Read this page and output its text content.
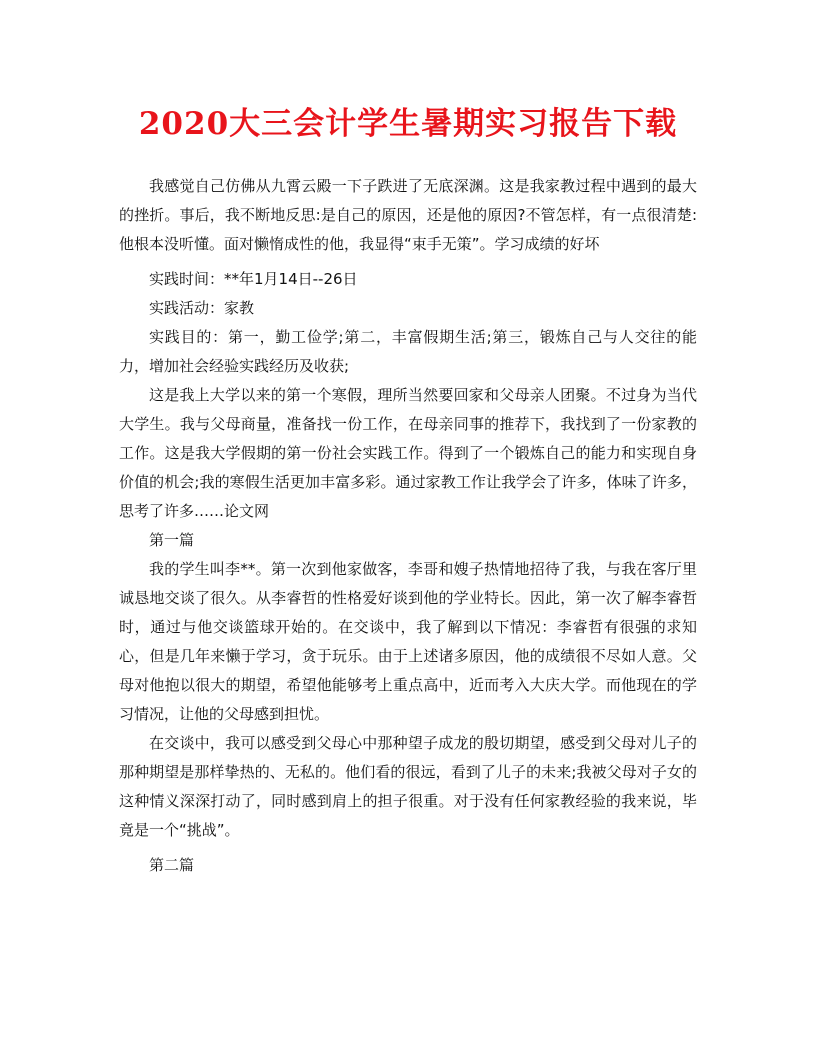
2020大三会计学生暑期实习报告下载

我感觉自己仿佛从九霄云殿一下子跌进了无底深渊。这是我家教过程中遇到的最大的挫折。事后，我不断地反思:是自己的原因，还是他的原因?不管怎样，有一点很清楚:他根本没听懂。面对懒惰成性的他，我显得“束手无策”。学习成绩的好坏

实践时间：**年1月14日--26日

实践活动：家教

实践目的：第一，勤工俭学;第二，丰富假期生活;第三，锻炼自己与人交往的能力，增加社会经验实践经历及收获;

这是我上大学以来的第一个寒假，理所当然要回家和父母亲人团聚。不过身为当代大学生。我与父母商量，准备找一份工作，在母亲同事的推荐下，我找到了一份家教的工作。这是我大学假期的第一份社会实践工作。得到了一个锻炼自己的能力和实现自身价值的机会;我的寒假生活更加丰富多彩。通过家教工作让我学会了许多，体味了许多，思考了许多……论文网

第一篇

我的学生叫李**。第一次到他家做客，李哥和嫂子热情地招待了我，与我在客厅里诚恳地交谈了很久。从李睿哲的性格爱好谈到他的学业特长。因此，第一次了解李睿哲时，通过与他交谈篮球开始的。在交谈中，我了解到以下情况：李睿哲有很强的求知心，但是几年来懒于学习，贪于玩乐。由于上述诸多原因，他的成绩很不尽如人意。父母对他抱以很大的期望，希望他能够考上重点高中，近而考入大庆大学。而他现在的学习情况，让他的父母感到担忧。

在交谈中，我可以感受到父母心中那种望子成龙的殷切期望，感受到父母对儿子的那种期望是那样挚热的、无私的。他们看的很远，看到了儿子的未来;我被父母对子女的这种情义深深打动了，同时感到肩上的担子很重。对于没有任何家教经验的我来说，毕竟是一个“挑战”。

第二篇
